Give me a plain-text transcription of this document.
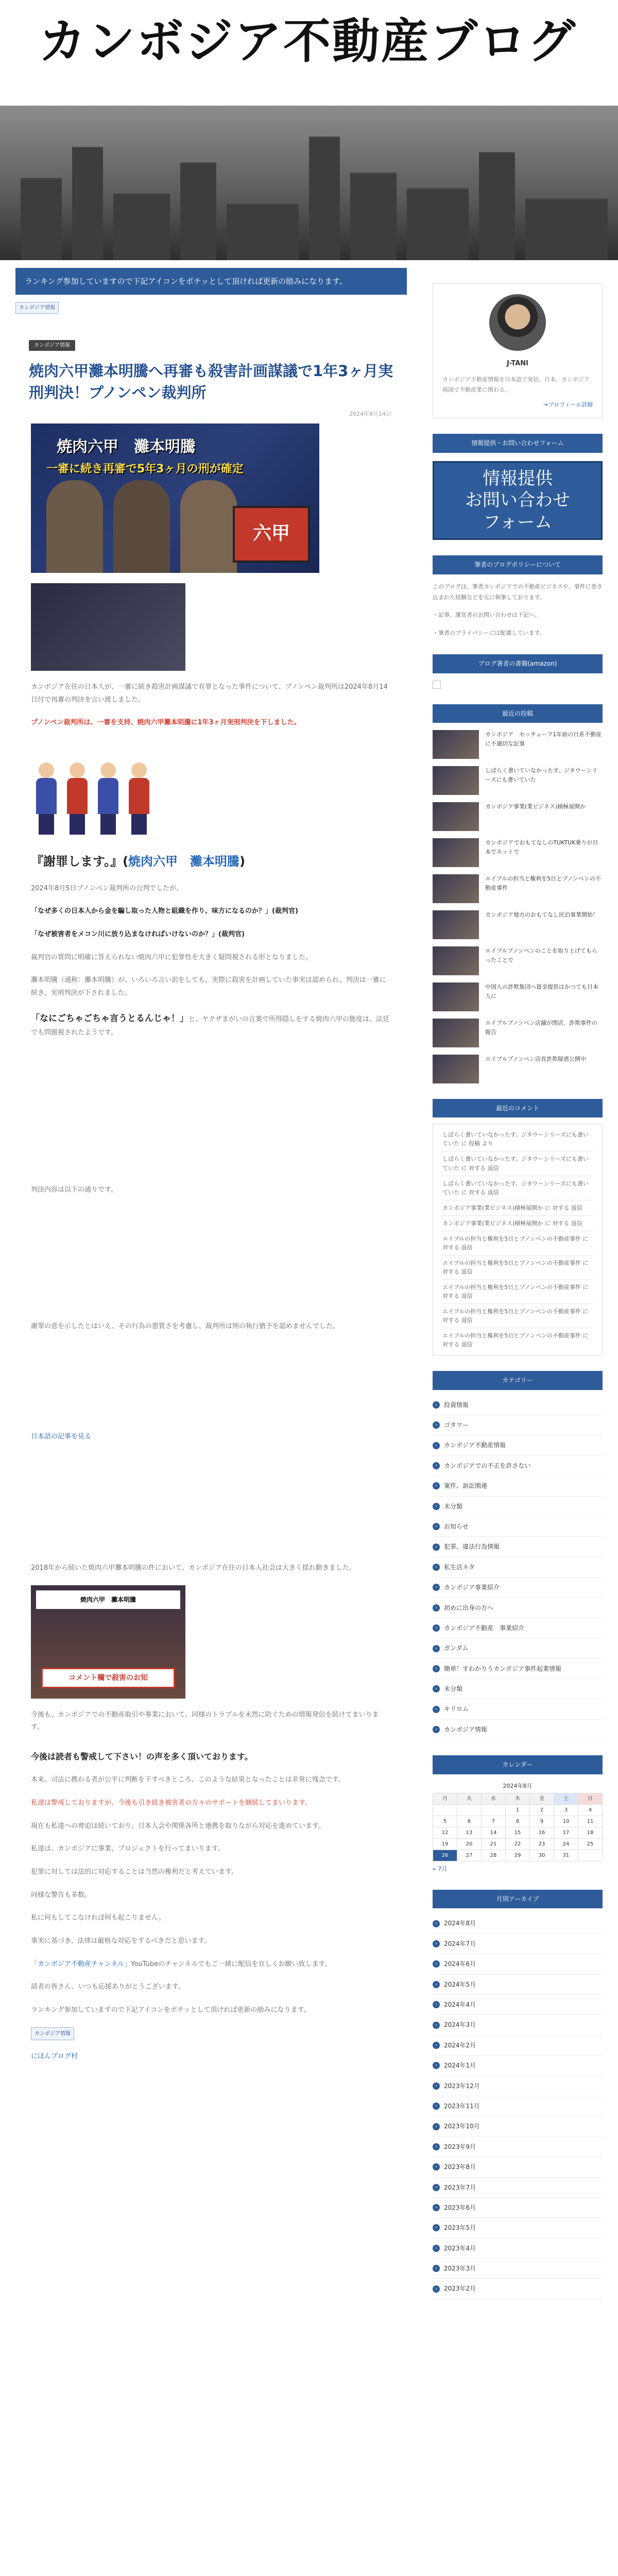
カンボジア不動産ブログ
ランキング参加していますので下記アイコンをポチッとして頂ければ更新の励みになります。
カンボジア情報
カンボジア情報
焼肉六甲灘本明騰へ再審も殺害計画謀議で1年3ヶ月実刑判決！プノンペン裁判所
2024年8月14日
焼肉六甲　灘本明騰
一審に続き再審で5年3ヶ月の刑が確定
六甲

カンボジア在住の日本人が、一審に続き殺害計画謀議で有罪となった事件について、プノンペン裁判所は2024年8月14日付で再審の判決を言い渡しました。

プノンペン裁判所は、一審を支持、焼肉六甲灘本明騰に1年3ヶ月実刑判決を下しました。

『謝罪します。』(焼肉六甲　灘本明騰)

2024年8月5日プノンペン裁判所の公判でしたが、

「なぜ多くの日本人から金を騙し取った人物と組織を作り、味方になるのか？」(裁判官)

「なぜ被害者をメコン川に放り込まなければいけないのか？」(裁判官)

裁判官の質問に明確に答えられない焼肉六甲に犯罪性を大きく疑問視される形となりました。

灘本明騰（通称：灘本明騰）が、いろいろ言い訳をしても、実際に殺害を計画していた事実は認められ、判決は一審に続き、実刑判決が下されました。

「なにごちゃごちゃ言うとるんじゃ！」と、ヤクザまがいの言葉で所得隠しをする焼肉六甲の態度は、法廷でも問題視されたようです。

判決内容は以下の通りです。

謝罪の意を示したとはいえ、その行為の悪質さを考慮し、裁判所は刑の執行猶予を認めませんでした。

日本語の記事を見る

2018年から続いた焼肉六甲灘本明騰の件において、カンボジア在住の日本人社会は大きく揺れ動きました。

焼肉六甲　灘本明騰
コメント欄で殺害のお知

今後も、カンボジアでの不動産取引や事業において、同様のトラブルを未然に防ぐための情報発信を続けてまいります。

今後は読者も警戒して下さい！の声を多く頂いております。

本来、司法に携わる者が公平に判断を下すべきところ、このような結果となったことは非常に残念です。

私達は警戒しておりますが、今後も引き続き被害者の方々のサポートを継続してまいります。

現在も私達への脅迫は続いており、日本人会や関係各所と連携を取りながら対応を進めています。

私達は、カンボジアに事業、プロジェクトを行ってまいります。

犯罪に対しては法的に対応することは当然の権利だと考えています。

同様な警告も多数。

私に何もしてこなければ何も起こりません。

事実に基づき、法律は厳格な対応をするべきだと思います。

「カンボジア不動産チャンネル」YouTubeのチャンネルでもご一緒に配信を宜しくお願い致します。

読者の皆さん、いつも応援ありがとうございます。

ランキング参加していますので下記アイコンをポチッとして頂ければ更新の励みになります。

カンボジア情報

にほんブログ村

J-TANI
カンボジア不動産情報を日本語で発信。日本、カンボジア両国で不動産業に関わる。
→プロフィール詳細
情報提供・お問い合わせフォーム
情報提供
お問い合わせ
フォーム
筆者のブログポリシーについて

このブログは、筆者カンボジアでの不動産ビジネスや、事件に巻き込まれた経験などを元に執筆しております。

・記事、運営者のお問い合わせは下記へ。

・筆者のプライバシーには配慮しています。

ブログ著者の書籍(amazon)
最近の投稿
カンボジア　セッチェーフ1年前の日系不動産に不適切な記事
しばらく書いていなかったす。ジタウーシリーズにも書いていた
カンボジア事業(業ビジネス)積極展開か
カンボジアでおもてなしのTUKTUK乗りが日本でネットで
エイブルの担当と権利を5日とプノンペンの不動産事件
カンボジア地方のおもてなし民泊事業開始！
エイブルプノンペンのことを取り上げてもらったことで
中国人の詐欺集団へ資金提供はかつても日本人に
エイブルプノンペン店舗が閉店、詐欺事件の報告
エイブルプノンペン店長詐欺疑惑公開中
最近のコメント
しばらく書いていなかったす。ジタウーシリーズにも書いていた に 投稿 より
しばらく書いていなかったす。ジタウーシリーズにも書いていた に 対する 返信
しばらく書いていなかったす。ジタウーシリーズにも書いていた に 対する 返信
カンボジア事業(業ビジネス)積極展開か に 対する 返信
カンボジア事業(業ビジネス)積極展開か に 対する 返信
エイブルの担当と権利を5日とプノンペンの不動産事件 に 対する 返信
エイブルの担当と権利を5日とプノンペンの不動産事件 に 対する 返信
エイブルの担当と権利を5日とプノンペンの不動産事件 に 対する 返信
エイブルの担当と権利を5日とプノンペンの不動産事件 に 対する 返信
エイブルの担当と権利を5日とプノンペンの不動産事件 に 対する 返信
カテゴリー
›	投資情報
›	ゴタワー
›	カンボジア不動産情報
›	カンボジアでの不正を許さない
›	案件、訴訟関連
›	未分類
›	お知らせ
›	犯罪、違法行為情報
›	私生活ネタ
›	カンボジア事業紹介
›	初めに出身の方へ
›	カンボジア不動産　事業紹介
›	ガンダム
›	簡単！すわかりうカンボジア事件起業情報
›	未分類
›	キリロム
›	カンボジア情報
カレンダー
2024年8月
月	火	水	木	金	土	日
			1	2	3	4
5	6	7	8	9	10	11
12	13	14	15	16	17	18
19	20	21	22	23	24	25
26	27	28	29	30	31	
« 7月
月別アーカイブ
›	2024年8月
›	2024年7月
›	2024年6月
›	2024年5月
›	2024年4月
›	2024年3月
›	2024年2月
›	2024年1月
›	2023年12月
›	2023年11月
›	2023年10月
›	2023年9月
›	2023年8月
›	2023年7月
›	2023年6月
›	2023年5月
›	2023年4月
›	2023年3月
›	2023年2月
